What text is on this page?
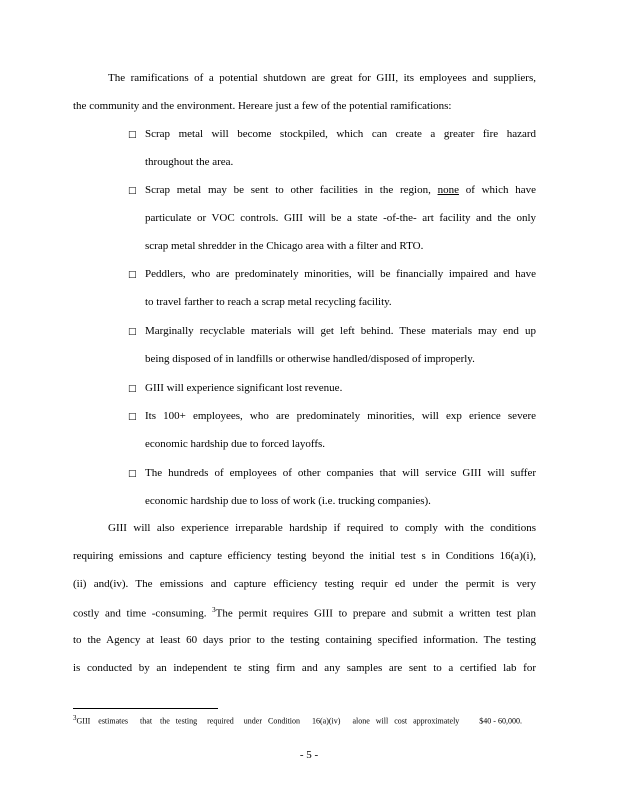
The ramifications of a potential shutdown are great for GIII, its employees and suppliers,
the community and the environment. Hereare just a few of the potential ramifications:
□ Scrap metal will become stockpiled, which can create a greater fire hazard
throughout the area.
□ Scrap metal may be sent to other facilities in the region, none of which have
particulate or VOC controls. GIII will be a state -of-the- art facility and the only
scrap metal shredder in the Chicago area with a filter and RTO.
□ Peddlers, who are predominately minorities, will be financially impaired and have
to travel farther to reach a scrap metal recycling facility.
□ Marginally recyclable materials will get left behind. These materials may end up
being disposed of in landfills or otherwise handled/disposed of improperly.
□ GIII will experience significant lost revenue.
□ Its 100+ employees, who are predominately minorities, will exp erience severe
economic hardship due to forced layoffs.
□ The hundreds of employees of other companies that will service GIII will suffer
economic hardship due to loss of work (i.e. trucking companies).
GIII will also experience irreparable hardship if required to comply with the conditions
requiring emissions and capture efficiency testing beyond the initial test s in Conditions 16(a)(i),
(ii) and(iv). The emissions and capture efficiency testing requir ed under the permit is very
costly and time -consuming. $^3$The permit requires GIII to prepare and submit a written test plan
to the Agency at least 60 days prior to the testing containing specified information. The testing
is conducted by an independent te sting firm and any samples are sent to a certified lab for
3GIII    estimates      that    the   testing     required     under   Condition      16(a)(iv)      alone   will   cost   approximately          $40 - 60,000.
- 5 -
